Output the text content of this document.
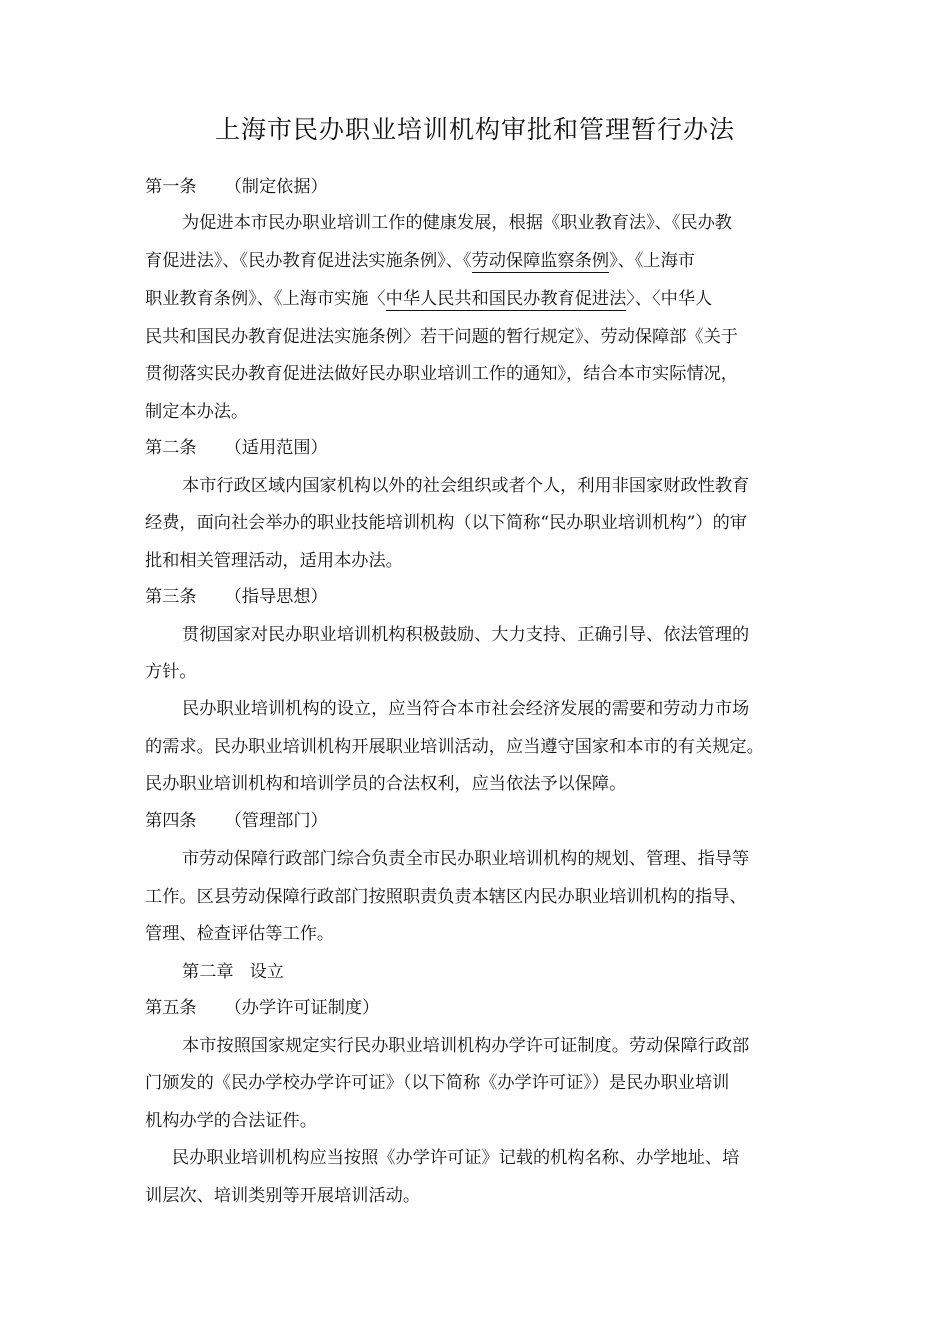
上海市民办职业培训机构审批和管理暂行办法
第一条 （制定依据）
为促进本市民办职业培训工作的健康发展，根据《职业教育法》、《民办教
育促进法》、《民办教育促进法实施条例》、《劳动保障监察条例》、《上海市
职业教育条例》、《上海市实施〈中华人民共和国民办教育促进法〉、〈中华人
民共和国民办教育促进法实施条例〉若干问题的暂行规定》、劳动保障部《关于
贯彻落实民办教育促进法做好民办职业培训工作的通知》，结合本市实际情况，
制定本办法。
第二条 （适用范围）
本市行政区域内国家机构以外的社会组织或者个人，利用非国家财政性教育
经费，面向社会举办的职业技能培训机构（以下简称“民办职业培训机构”）的审
批和相关管理活动，适用本办法。
第三条 （指导思想）
贯彻国家对民办职业培训机构积极鼓励、大力支持、正确引导、依法管理的
方针。
民办职业培训机构的设立，应当符合本市社会经济发展的需要和劳动力市场
的需求。民办职业培训机构开展职业培训活动，应当遵守国家和本市的有关规定。
民办职业培训机构和培训学员的合法权利，应当依法予以保障。
第四条 （管理部门）
市劳动保障行政部门综合负责全市民办职业培训机构的规划、管理、指导等
工作。区县劳动保障行政部门按照职责负责本辖区内民办职业培训机构的指导、
管理、检查评估等工作。
第二章 设立
第五条 （办学许可证制度）
本市按照国家规定实行民办职业培训机构办学许可证制度。劳动保障行政部
门颁发的《民办学校办学许可证》（以下简称《办学许可证》）是民办职业培训
机构办学的合法证件。
民办职业培训机构应当按照《办学许可证》记载的机构名称、办学地址、培
训层次、培训类别等开展培训活动。
